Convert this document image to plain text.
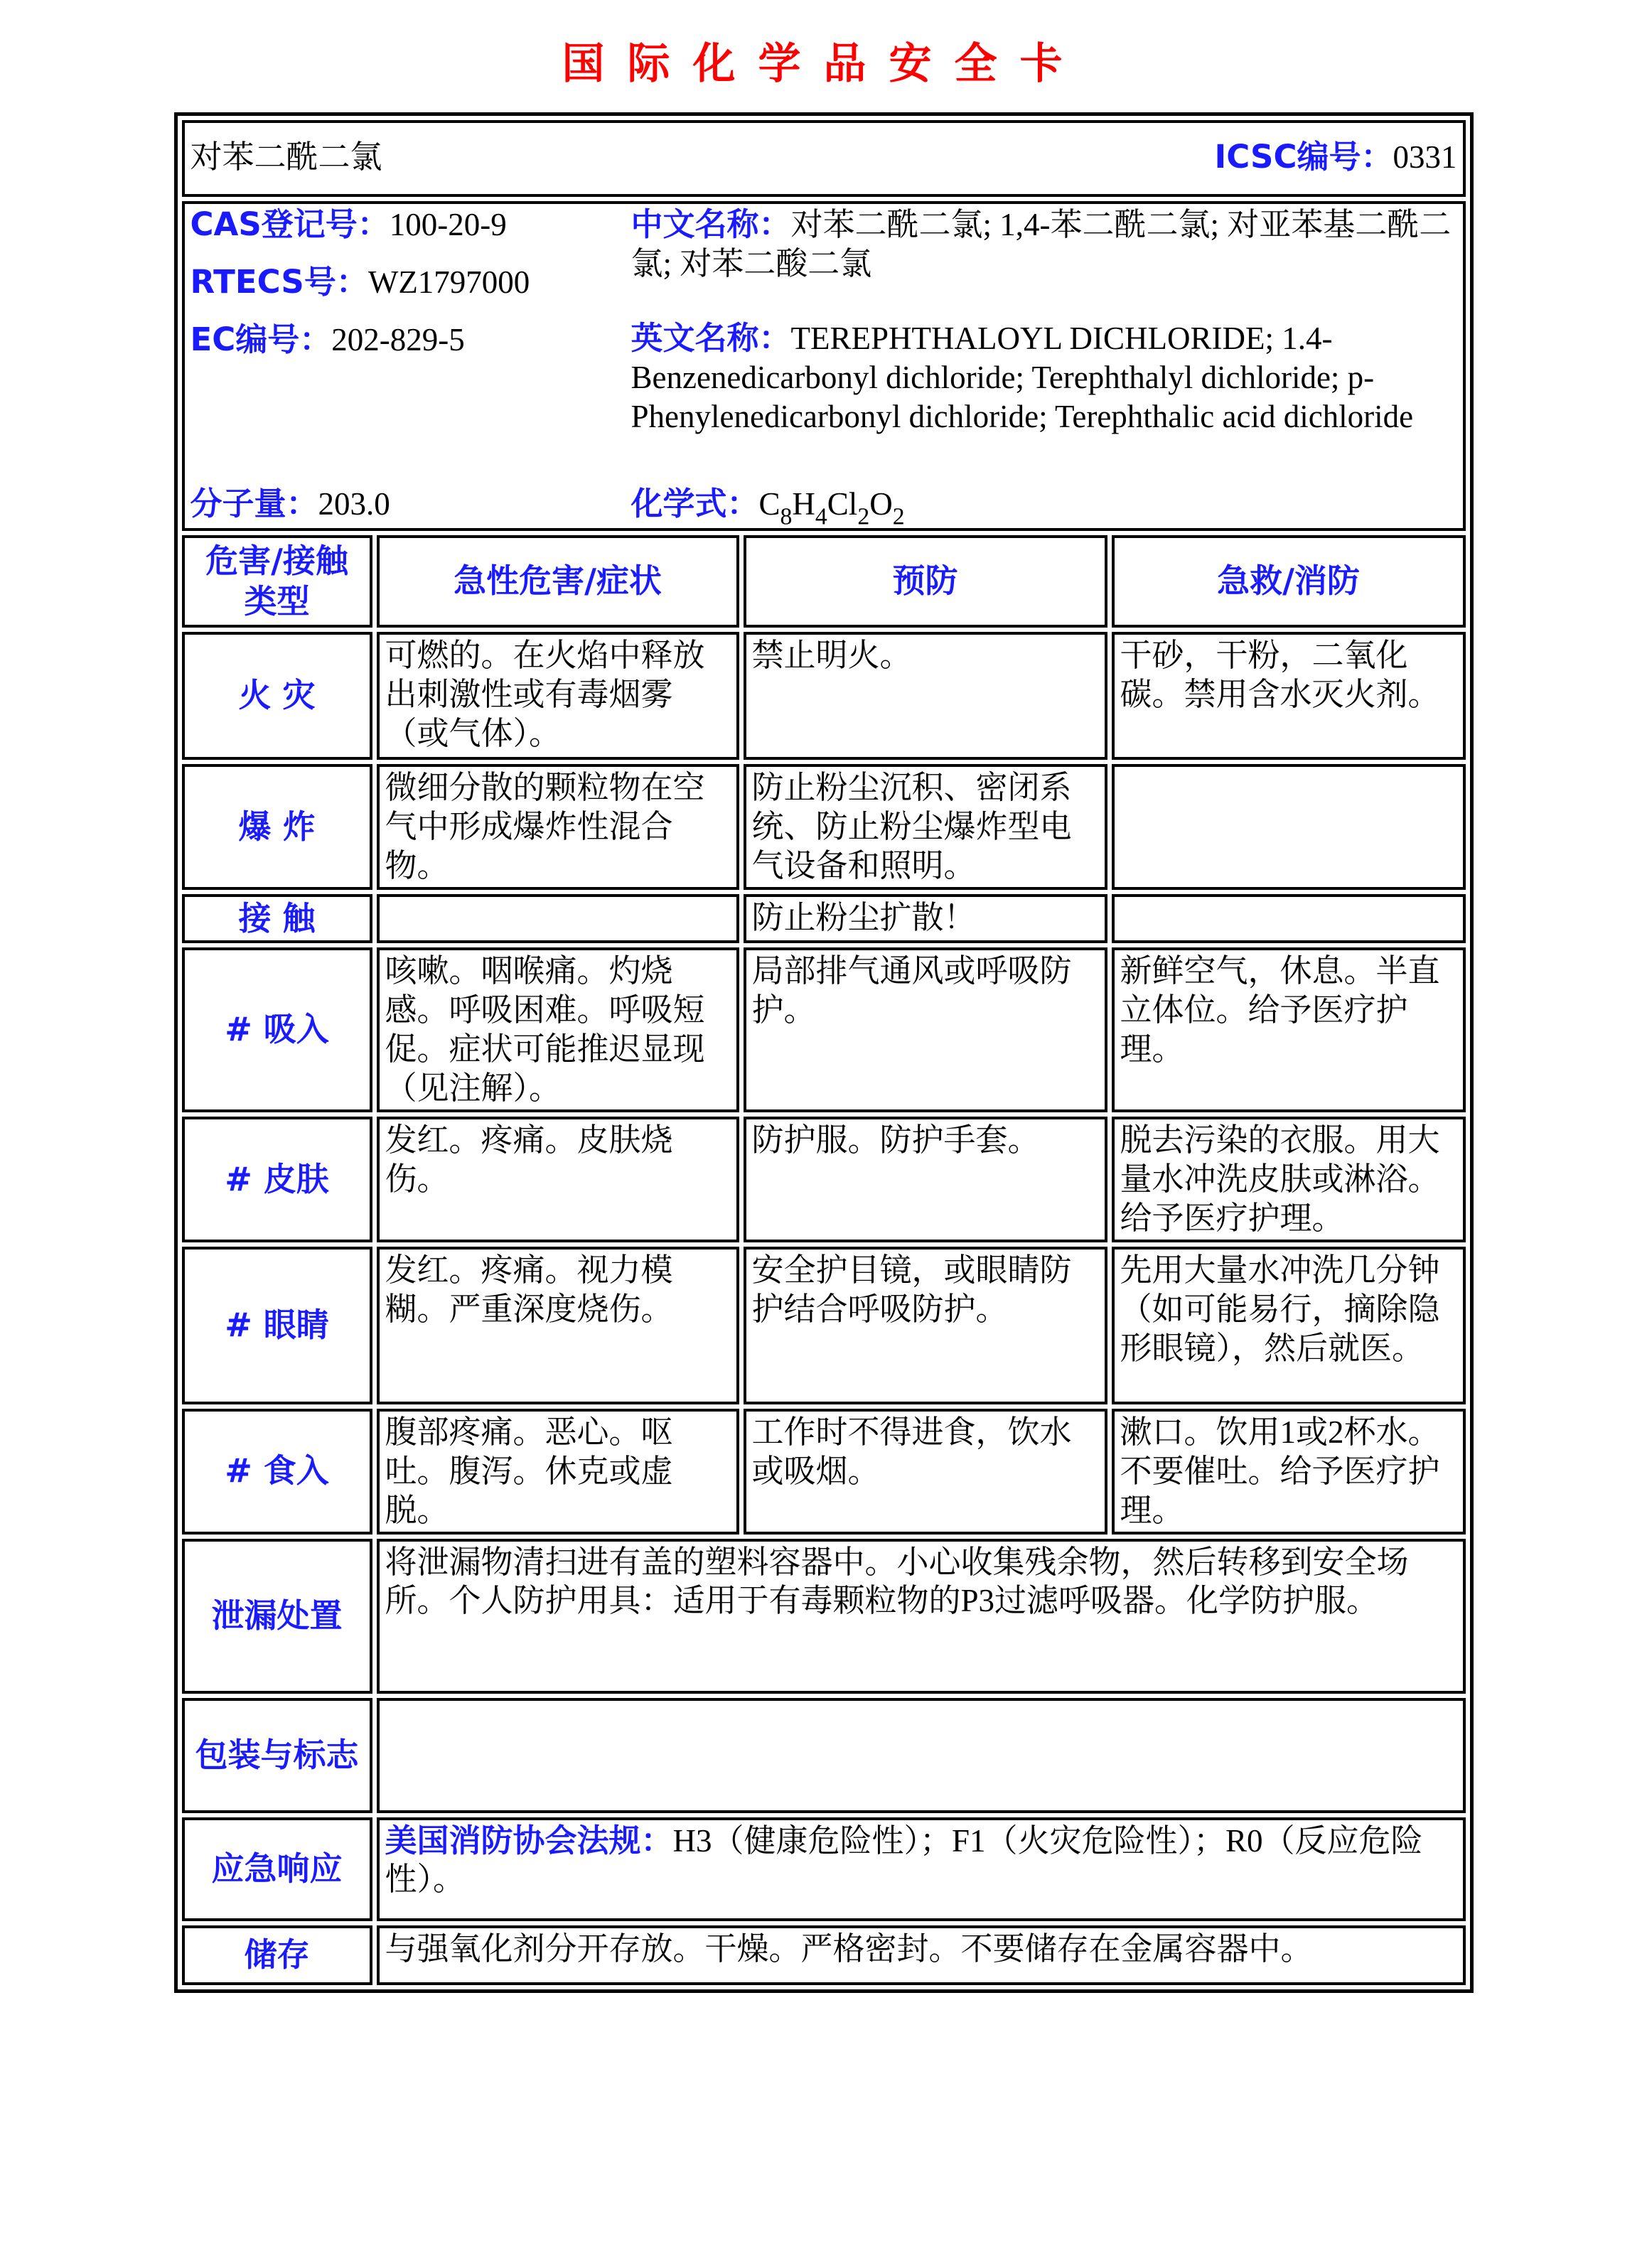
国际化学品安全卡
对苯二酰二氯 ICSC编号：0331			

CAS登记号：100-20-9
RTECS号：WZ1797000
EC编号：202-829-5
分子量：203.0
中文名称：对苯二酰二氯; 1,4-苯二酰二氯; 对亚苯基二酰二氯; 对苯二酸二氯
英文名称：TEREPHTHALOYL DICHLORIDE; 1.4-Benzenedicarbonyl dichloride; Terephthalyl dichloride; p-Phenylenedicarbonyl dichloride; Terephthalic acid dichloride
化学式：$C_8H_4Cl_2O_2$

危害/接触类型	急性危害/症状	预防	急救/消防
火 灾	可燃的。在火焰中释放出刺激性或有毒烟雾（或气体）。	禁止明火。	干砂，干粉，二氧化碳。禁用含水灭火剂。
爆 炸	微细分散的颗粒物在空气中形成爆炸性混合物。	防止粉尘沉积、密闭系统、防止粉尘爆炸型电气设备和照明。	
接 触		防止粉尘扩散！	
# 吸入	咳嗽。咽喉痛。灼烧感。呼吸困难。呼吸短促。症状可能推迟显现（见注解）。	局部排气通风或呼吸防护。	新鲜空气，休息。半直立体位。给予医疗护理。
# 皮肤	发红。疼痛。皮肤烧伤。	防护服。防护手套。	脱去污染的衣服。用大量水冲洗皮肤或淋浴。给予医疗护理。
# 眼睛	发红。疼痛。视力模糊。严重深度烧伤。	安全护目镜，或眼睛防护结合呼吸防护。	先用大量水冲洗几分钟（如可能易行，摘除隐形眼镜），然后就医。
# 食入	腹部疼痛。恶心。呕吐。腹泻。休克或虚脱。	工作时不得进食，饮水或吸烟。	漱口。饮用1或2杯水。不要催吐。给予医疗护理。
泄漏处置	将泄漏物清扫进有盖的塑料容器中。小心收集残余物，然后转移到安全场所。个人防护用具：适用于有毒颗粒物的P3过滤呼吸器。化学防护服。		
包装与标志			
应急响应	美国消防协会法规：H3（健康危险性）；F1（火灾危险性）；R0（反应危险性）。		
储存	与强氧化剂分开存放。干燥。严格密封。不要储存在金属容器中。		
